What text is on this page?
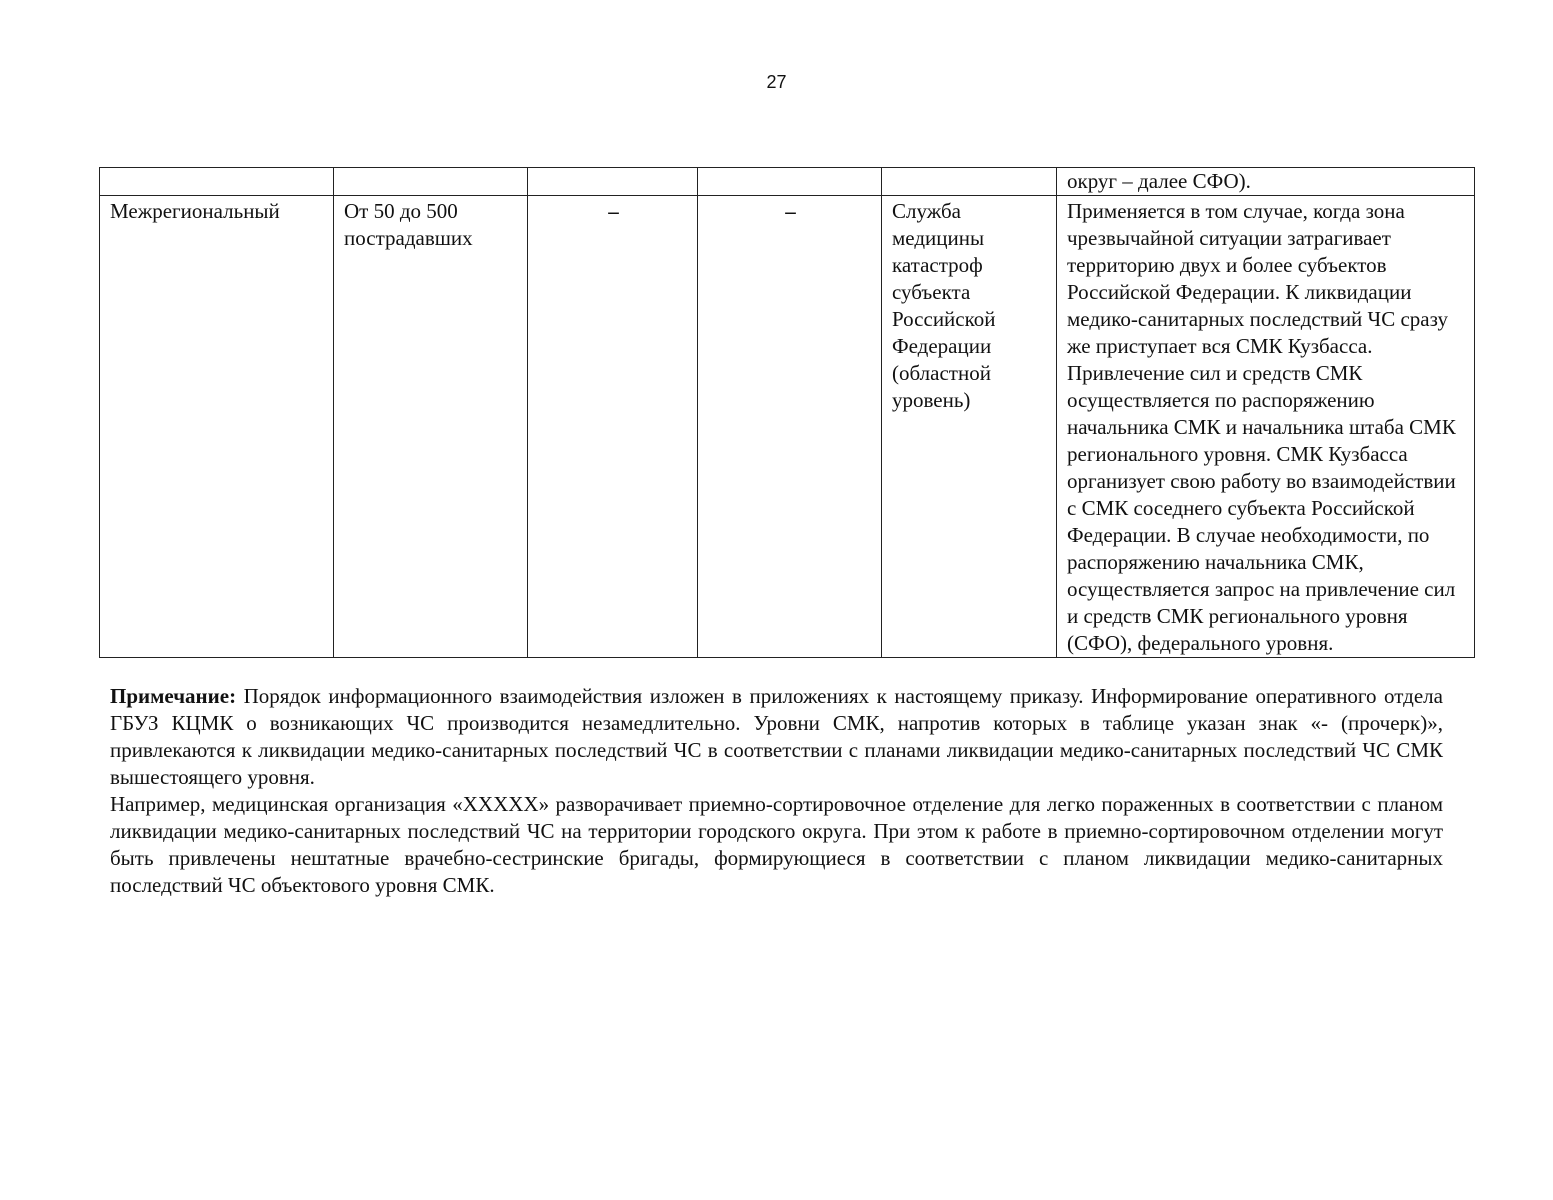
27
					округ – далее СФО).
Межрегиональный	От 50 до 500 пострадавших	–	–	Служба медицины катастроф субъекта Российской Федерации (областной уровень)	Применяется в том случае, когда зона чрезвычайной ситуации затрагивает территорию двух и более субъектов Российской Федерации. К ликвидации медико-санитарных последствий ЧС сразу же приступает вся СМК Кузбасса. Привлечение сил и средств СМК осуществляется по распоряжению начальника СМК и начальника штаба СМК регионального уровня. СМК Кузбасса организует свою работу во взаимодействии с СМК соседнего субъекта Российской Федерации. В случае необходимости, по распоряжению начальника СМК, осуществляется запрос на привлечение сил и средств СМК регионального уровня (СФО), федерального уровня.

Примечание: Порядок информационного взаимодействия изложен в приложениях к настоящему приказу. Информирование оперативного отдела ГБУЗ КЦМК о возникающих ЧС производится незамедлительно. Уровни СМК, напротив которых в таблице указан знак «- (прочерк)», привлекаются к ликвидации медико-санитарных последствий ЧС в соответствии с планами ликвидации медико-санитарных последствий ЧС СМК вышестоящего уровня.

Например, медицинская организация «XXXXX» разворачивает приемно-сортировочное отделение для легко пораженных в соответствии с планом ликвидации медико-санитарных последствий ЧС на территории городского округа. При этом к работе в приемно-сортировочном отделении могут быть привлечены нештатные врачебно-сестринские бригады, формирующиеся в соответствии с планом ликвидации медико-санитарных последствий ЧС объектового уровня СМК.
